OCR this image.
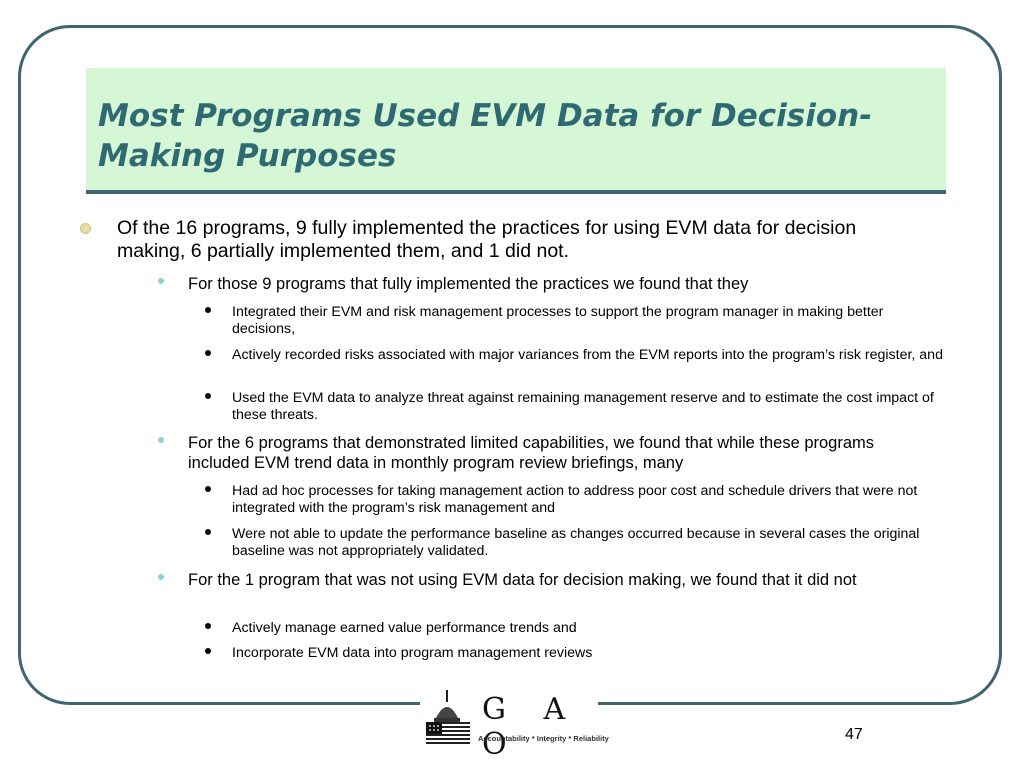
Most Programs Used EVM Data for Decision-Making Purposes

Of the 16 programs, 9 fully implemented the practices for using EVM data for decision making, 6 partially implemented them, and 1 did not.

For those 9 programs that fully implemented the practices we found that they

Integrated their EVM and risk management processes to support the program manager in making better decisions,

Actively recorded risks associated with major variances from the EVM reports into the program’s risk register, and

Used the EVM data to analyze threat against remaining management reserve and to estimate the cost impact of these threats.

For the 6 programs that demonstrated limited capabilities, we found that while these programs included EVM trend data in monthly program review briefings, many

Had ad hoc processes for taking management action to address poor cost and schedule drivers that were not integrated with the program’s risk management and

Were not able to update the performance baseline as changes occurred because in several cases the original baseline was not appropriately validated.

For the 1 program that was not using EVM data for decision making, we found that it did not

Actively manage earned value performance trends and

Incorporate EVM data into program management reviews

G A O

Accountability * Integrity * Reliability	47
